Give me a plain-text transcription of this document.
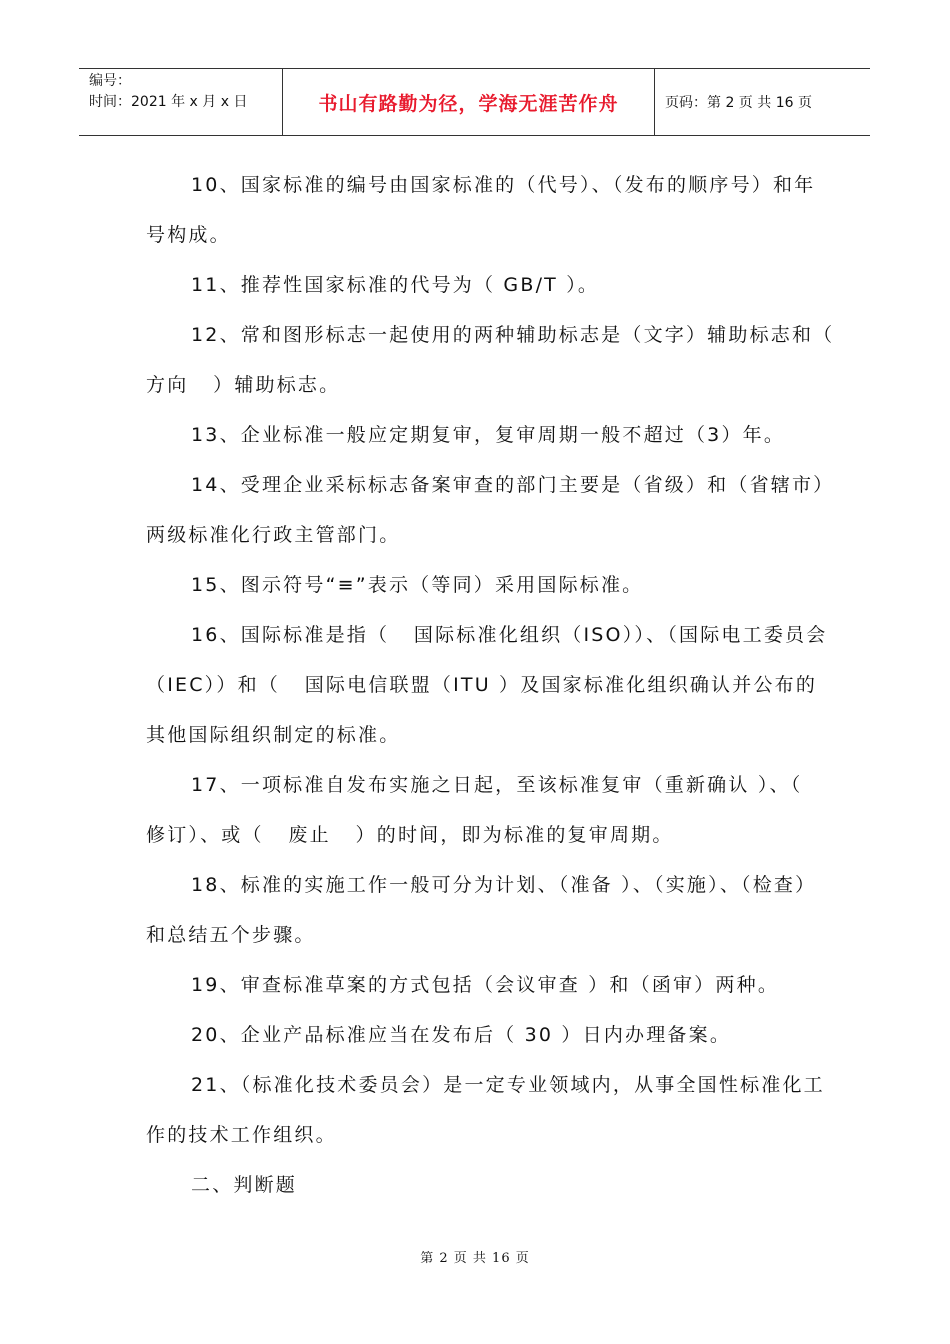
编号：
时间：2021 年 x 月 x 日	书山有路勤为径，学海无涯苦作舟	页码：第 2 页 共 16 页

10、国家标准的编号由国家标准的（代号）、（发布的顺序号）和年号构成。

11、推荐性国家标准的代号为（ GB/T ）。

12、常和图形标志一起使用的两种辅助标志是（文字）辅助标志和（   方向   ）辅助标志。

13、企业标准一般应定期复审，复审周期一般不超过（3）年。

14、受理企业采标标志备案审查的部门主要是（省级）和（省辖市）两级标准化行政主管部门。

15、图示符号“≡”表示（等同）采用国际标准。

16、国际标准是指（   国际标准化组织（ISO））、（国际电工委员会（IEC））和（   国际电信联盟（ITU ）及国家标准化组织确认并公布的其他国际组织制定的标准。

17、一项标准自发布实施之日起，至该标准复审（重新确认 ）、（    修订）、或（   废止   ）的时间，即为标准的复审周期。

18、标准的实施工作一般可分为计划、（准备 ）、（实施）、（检查）和总结五个步骤。

19、审查标准草案的方式包括（会议审查 ）和（函审）两种。

20、企业产品标准应当在发布后（ 30 ）日内办理备案。

21、（标准化技术委员会）是一定专业领域内，从事全国性标准化工作的技术工作组织。

二、判断题

第 2 页 共 16 页
